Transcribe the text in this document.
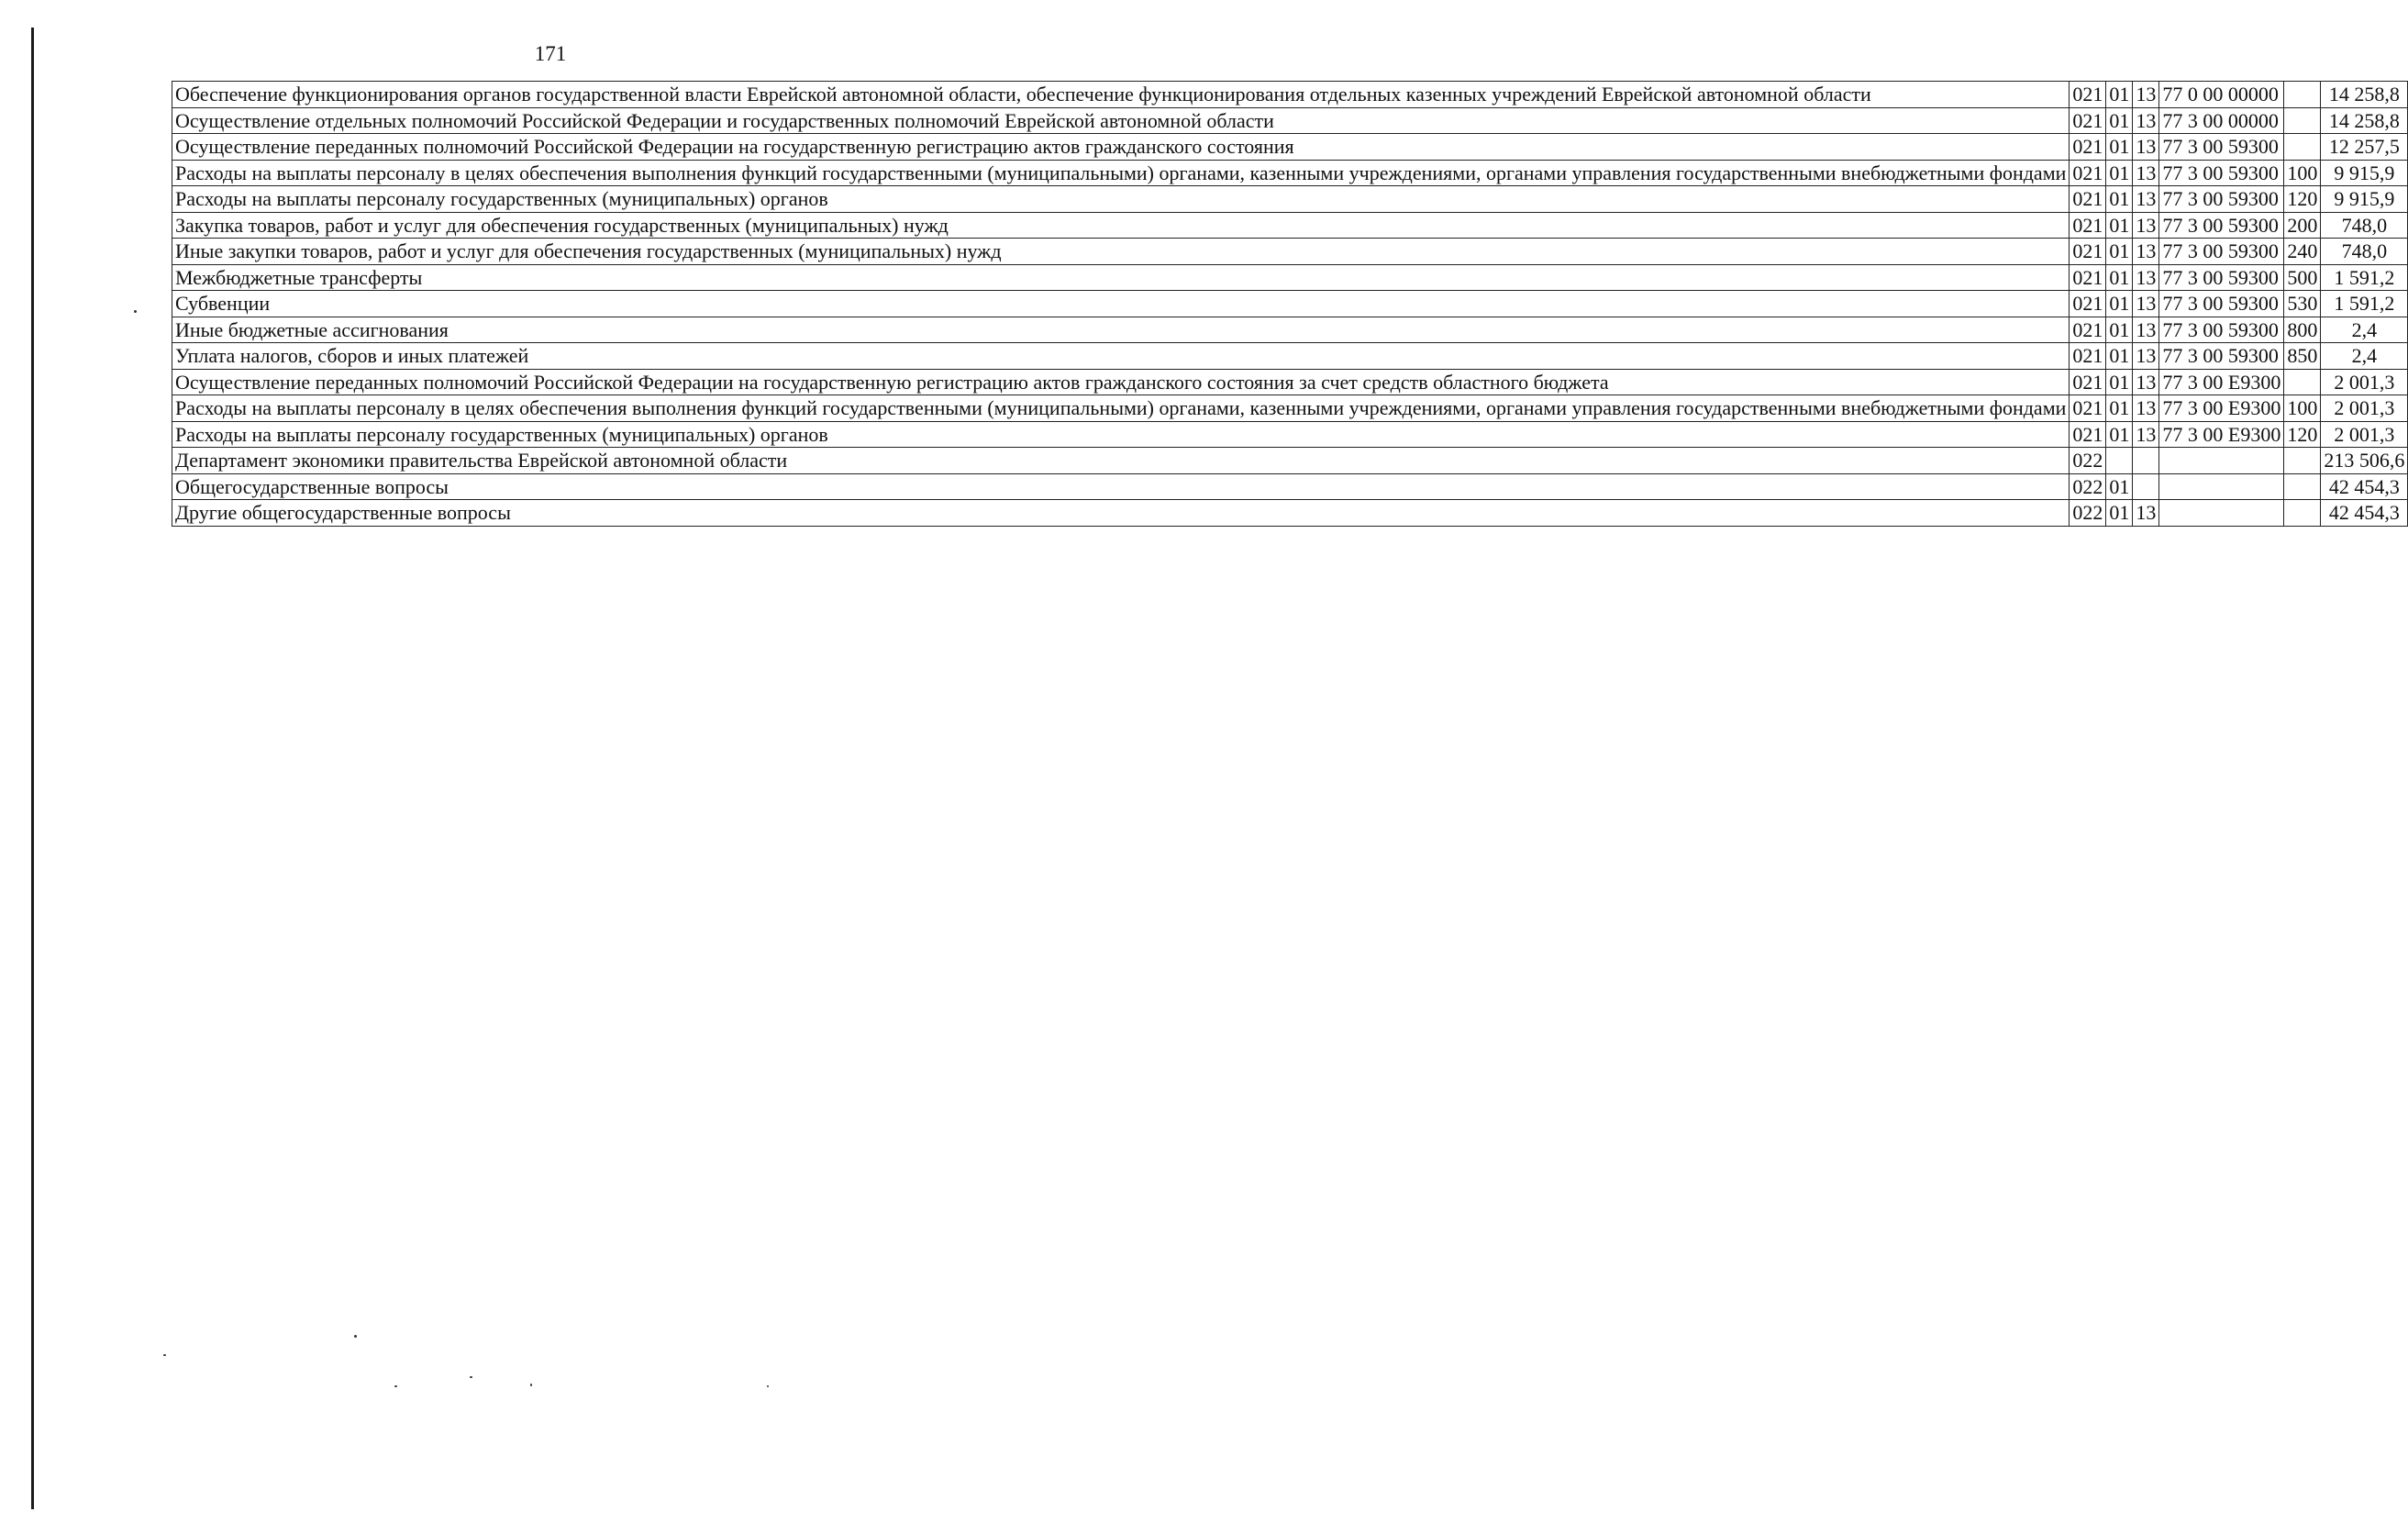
171
Обеспечение функционирования органов государственной власти Еврейской автономной области, обеспечение функционирования отдельных казенных учреждений Еврейской автономной области	021	01	13	77 0 00 00000		14 258,8
Осуществление отдельных полномочий Российской Федерации и государственных полномочий Еврейской автономной области	021	01	13	77 3 00 00000		14 258,8
Осуществление переданных полномочий Российской Федерации на государственную регистрацию актов гражданского состояния	021	01	13	77 3 00 59300		12 257,5
Расходы на выплаты персоналу в целях обеспечения выполнения функций государственными (муниципальными) органами, казенными учреждениями, органами управления государственными внебюджетными фондами	021	01	13	77 3 00 59300	100	9 915,9
Расходы на выплаты персоналу государственных (муниципальных) органов	021	01	13	77 3 00 59300	120	9 915,9
Закупка товаров, работ и услуг для обеспечения государственных (муниципальных) нужд	021	01	13	77 3 00 59300	200	748,0
Иные закупки товаров, работ и услуг для обеспечения государственных (муниципальных) нужд	021	01	13	77 3 00 59300	240	748,0
Межбюджетные трансферты	021	01	13	77 3 00 59300	500	1 591,2
Субвенции	021	01	13	77 3 00 59300	530	1 591,2
Иные бюджетные ассигнования	021	01	13	77 3 00 59300	800	2,4
Уплата налогов, сборов и иных платежей	021	01	13	77 3 00 59300	850	2,4
Осуществление переданных полномочий Российской Федерации на государственную регистрацию актов гражданского состояния за счет средств областного бюджета	021	01	13	77 3 00 Е9300		2 001,3
Расходы на выплаты персоналу в целях обеспечения выполнения функций государственными (муниципальными) органами, казенными учреждениями, органами управления государственными внебюджетными фондами	021	01	13	77 3 00 Е9300	100	2 001,3
Расходы на выплаты персоналу государственных (муниципальных) органов	021	01	13	77 3 00 Е9300	120	2 001,3
Департамент экономики правительства Еврейской автономной области	022					213 506,6
Общегосударственные вопросы	022	01				42 454,3
Другие общегосударственные вопросы	022	01	13			42 454,3
